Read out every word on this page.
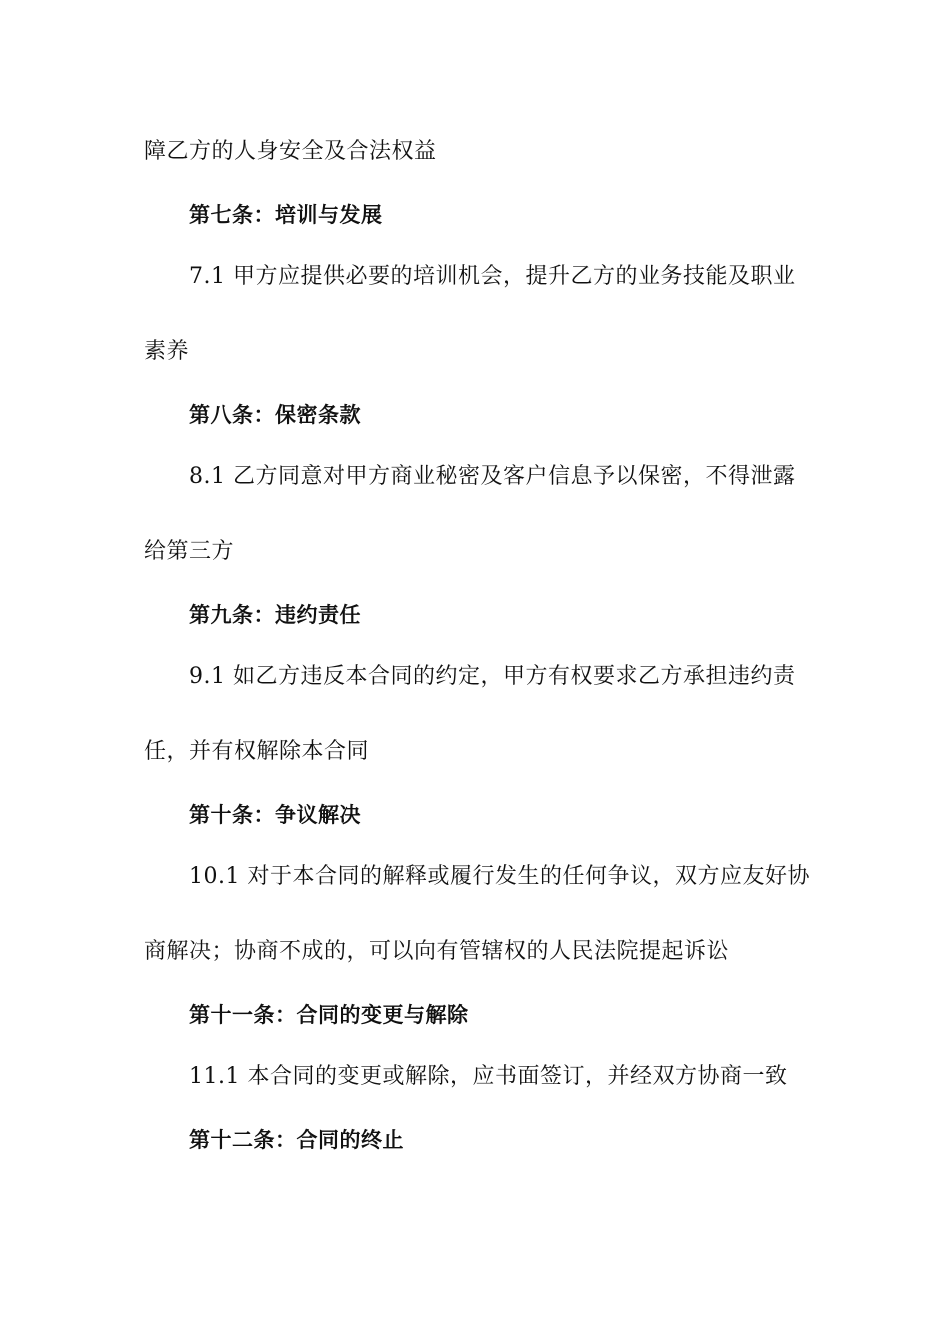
障乙方的人身安全及合法权益
第七条：培训与发展
7.1 甲方应提供必要的培训机会，提升乙方的业务技能及职业
素养
第八条：保密条款
8.1 乙方同意对甲方商业秘密及客户信息予以保密，不得泄露
给第三方
第九条：违约责任
9.1 如乙方违反本合同的约定，甲方有权要求乙方承担违约责
任，并有权解除本合同
第十条：争议解决
10.1 对于本合同的解释或履行发生的任何争议，双方应友好协
商解决；协商不成的，可以向有管辖权的人民法院提起诉讼
第十一条：合同的变更与解除
11.1 本合同的变更或解除，应书面签订，并经双方协商一致
第十二条：合同的终止
